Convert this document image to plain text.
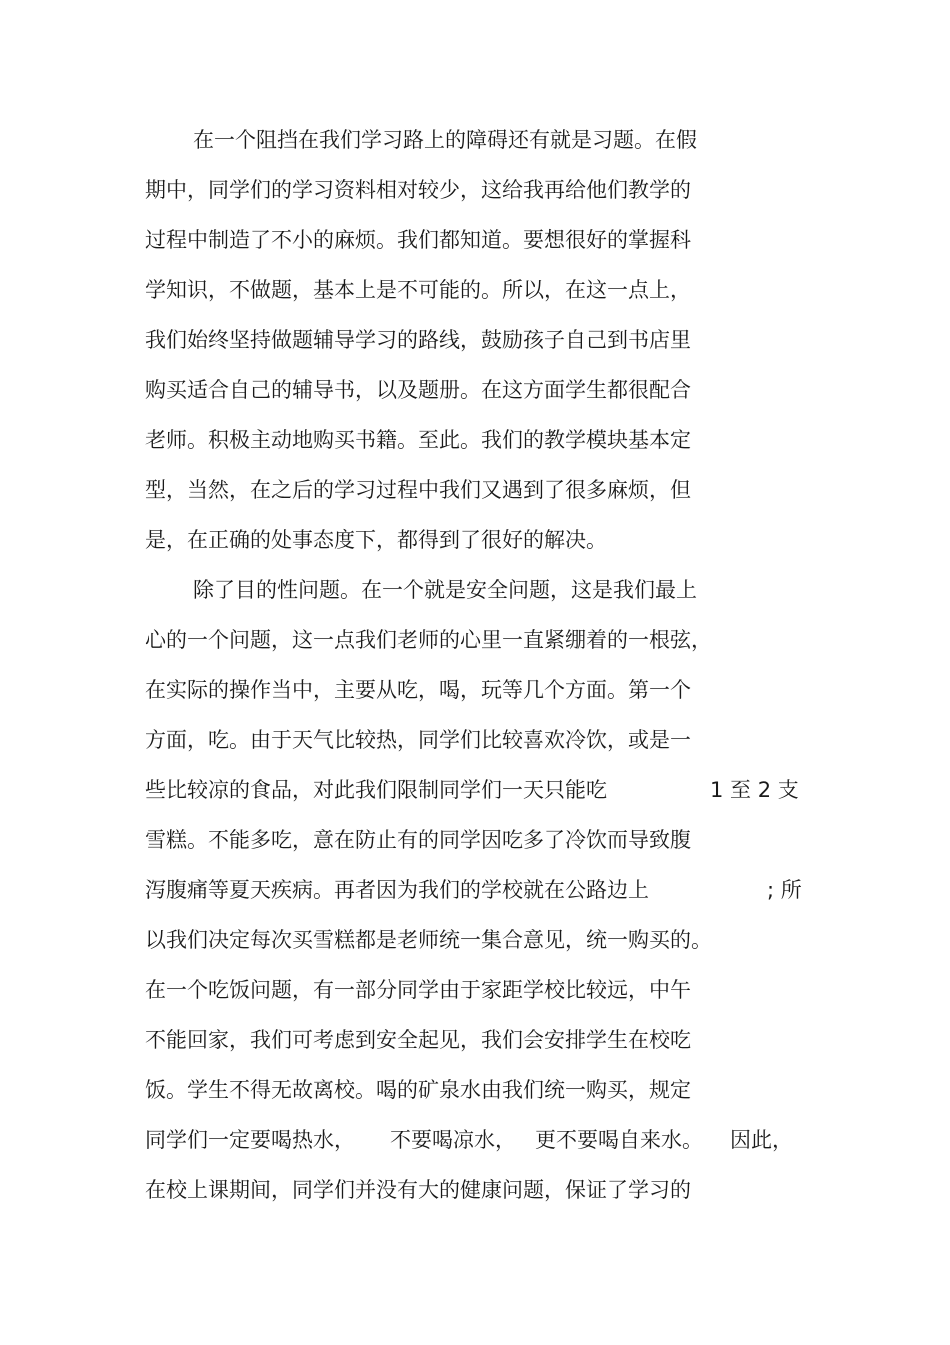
在一个阻挡在我们学习路上的障碍还有就是习题。在假
期中，同学们的学习资料相对较少，这给我再给他们教学的
过程中制造了不小的麻烦。我们都知道。要想很好的掌握科
学知识，不做题，基本上是不可能的。所以，在这一点上，
我们始终坚持做题辅导学习的路线，鼓励孩子自己到书店里
购买适合自己的辅导书，以及题册。在这方面学生都很配合
老师。积极主动地购买书籍。至此。我们的教学模块基本定
型，当然，在之后的学习过程中我们又遇到了很多麻烦，但
是，在正确的处事态度下，都得到了很好的解决。
除了目的性问题。在一个就是安全问题，这是我们最上
心的一个问题，这一点我们老师的心里一直紧绷着的一根弦，
在实际的操作当中，主要从吃，喝，玩等几个方面。第一个
方面，吃。由于天气比较热，同学们比较喜欢冷饮，或是一
些比较凉的食品，对此我们限制同学们一天只能吃	1 至 2 支
雪糕。不能多吃，意在防止有的同学因吃多了冷饮而导致腹
泻腹痛等夏天疾病。再者因为我们的学校就在公路边上	; 所
以我们决定每次买雪糕都是老师统一集合意见，统一购买的。
在一个吃饭问题，有一部分同学由于家距学校比较远，中午
不能回家，我们可考虑到安全起见，我们会安排学生在校吃
饭。学生不得无故离校。喝的矿泉水由我们统一购买，规定
同学们一定要喝热水， 不要喝凉水， 更不要喝自来水。 因此，
在校上课期间，同学们并没有大的健康问题，保证了学习的
